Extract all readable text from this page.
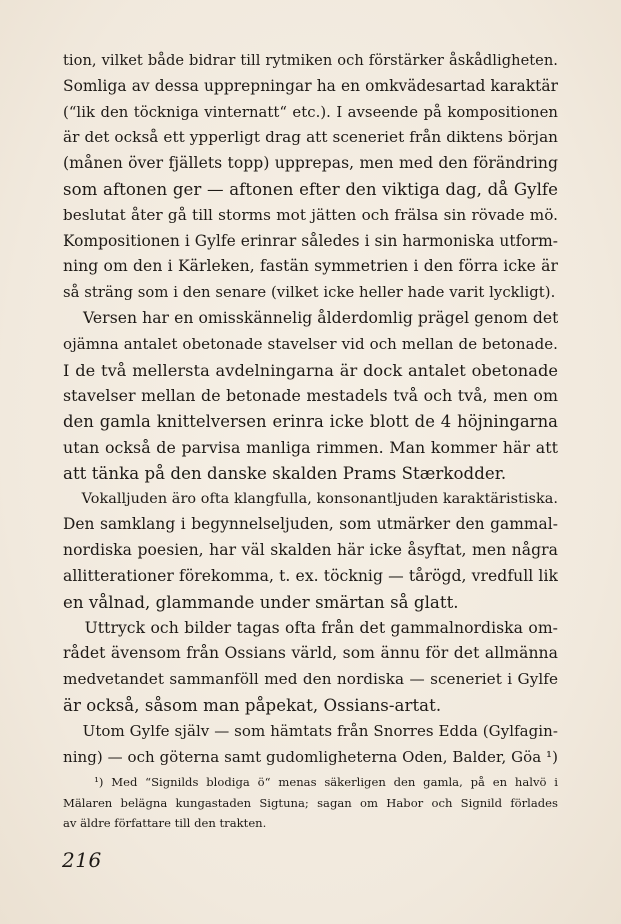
tion, vilket både bidrar till rytmiken och förstärker åskådligheten.
Somliga av dessa upprepningar ha en omkvädesartad karaktär
(“lik den töckniga vinternatt“ etc.). I avseende på kompositionen
är det också ett ypperligt drag att sceneriet från diktens början
(månen över fjällets topp) upprepas, men med den förändring
som aftonen ger — aftonen efter den viktiga dag, då Gylfe
beslutat åter gå till storms mot jätten och frälsa sin rövade mö.
Kompositionen i Gylfe erinrar således i sin harmoniska utform-
ning om den i Kärleken, fastän symmetrien i den förra icke är
så sträng som i den senare (vilket icke heller hade varit lyckligt).
Versen har en omisskännelig ålderdomlig prägel genom det
ojämna antalet obetonade stavelser vid och mellan de betonade.
I de två mellersta avdelningarna är dock antalet obetonade
stavelser mellan de betonade mestadels två och två, men om
den gamla knittelversen erinra icke blott de 4 höjningarna
utan också de parvisa manliga rimmen. Man kommer här att
att tänka på den danske skalden Prams Stærkodder.
Vokalljuden äro ofta klangfulla, konsonantljuden karaktäristiska.
Den samklang i begynnelseljuden, som utmärker den gammal-
nordiska poesien, har väl skalden här icke åsyftat, men några
allitterationer förekomma, t. ex. töcknig — tårögd, vredfull lik
en vålnad, glammande under smärtan så glatt.
Uttryck och bilder tagas ofta från det gammalnordiska om-
rådet ävensom från Ossians värld, som ännu för det allmänna
medvetandet sammanföll med den nordiska — sceneriet i Gylfe
är också, såsom man påpekat, Ossians-artat.
Utom Gylfe själv — som hämtats från Snorres Edda (Gylfagin-
ning) — och göterna samt gudomligheterna Oden, Balder, Göa ¹)
¹) Med “Signilds blodiga ö“ menas säkerligen den gamla, på en halvö i
Mälaren belägna kungastaden Sigtuna; sagan om Habor och Signild förlades
av äldre författare till den trakten.
216
